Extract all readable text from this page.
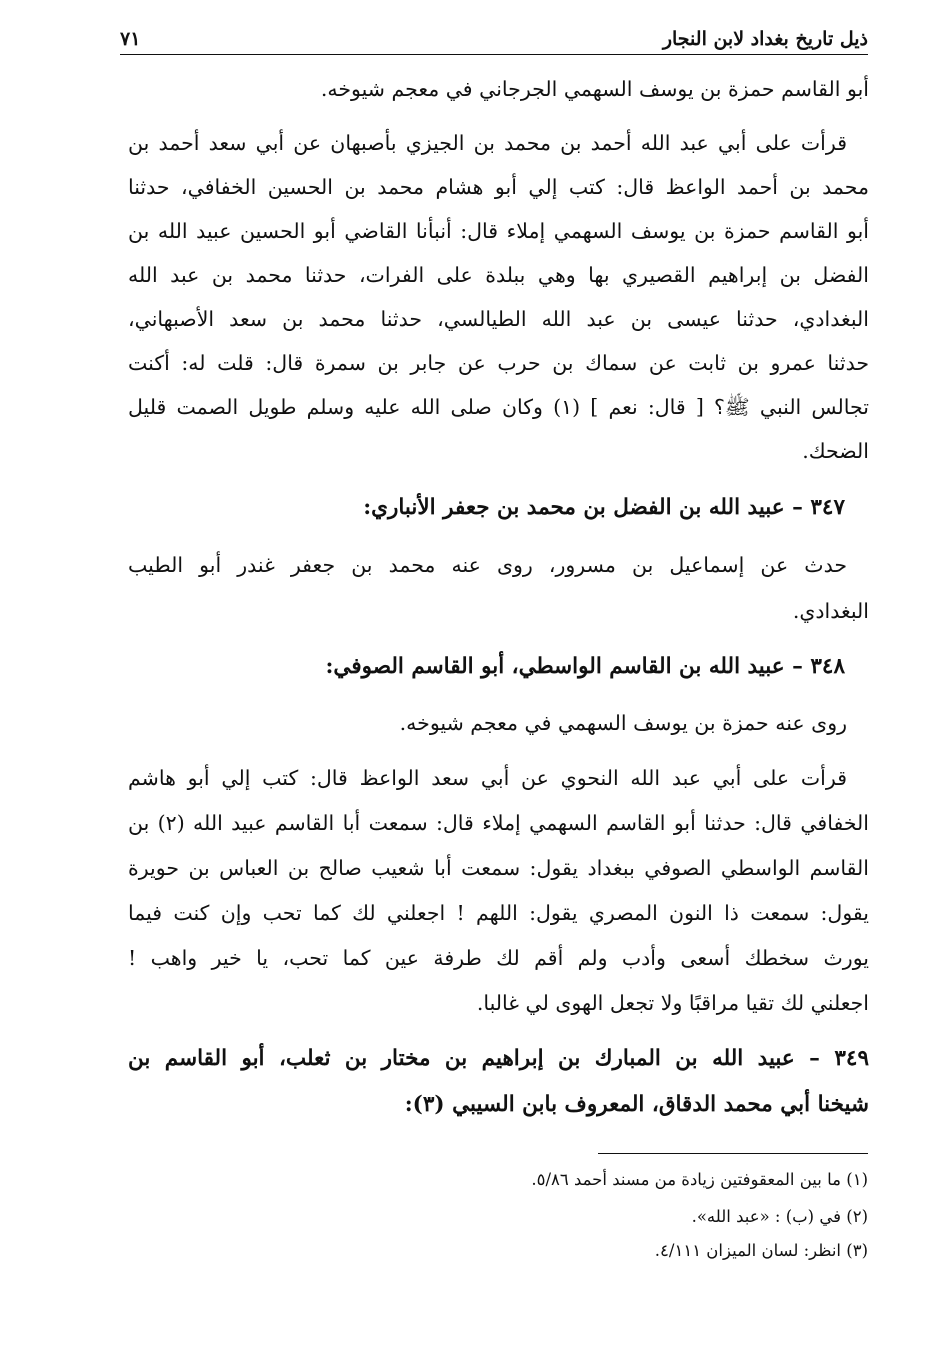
ذيل تاريخ بغداد لابن النجار
٧١
أبو القاسم حمزة بن يوسف السهمي الجرجاني في معجم شيوخه.
قرأت على أبي عبد الله أحمد بن محمد بن الجيزي بأصبهان عن أبي سعد أحمد بن
محمد بن أحمد الواعظ قال: كتب إلي أبو هشام محمد بن الحسين الخفافي، حدثنا
أبو القاسم حمزة بن يوسف السهمي إملاء قال: أنبأنا القاضي أبو الحسين عبيد الله بن
الفضل بن إبراهيم القصيري بها وهي ببلدة على الفرات، حدثنا محمد بن عبد الله
البغدادي، حدثنا عيسى بن عبد الله الطيالسي، حدثنا محمد بن سعد الأصبهاني،
حدثنا عمرو بن ثابت عن سماك بن حرب عن جابر بن سمرة قال: قلت له: أكنت
تجالس النبي ﷺ؟ [ قال: نعم ] (١) وكان صلى الله عليه وسلم طويل الصمت قليل
الضحك.
٣٤٧ – عبيد الله بن الفضل بن محمد بن جعفر الأنباري:
حدث عن إسماعيل بن مسرور، روى عنه محمد بن جعفر غندر أبو الطيب
البغدادي.
٣٤٨ – عبيد الله بن القاسم الواسطي، أبو القاسم الصوفي:
روى عنه حمزة بن يوسف السهمي في معجم شيوخه.
قرأت على أبي عبد الله النحوي عن أبي سعد الواعظ قال: كتب إلي أبو هاشم
الخفافي قال: حدثنا أبو القاسم السهمي إملاء قال: سمعت أبا القاسم عبيد الله (٢) بن
القاسم الواسطي الصوفي ببغداد يقول: سمعت أبا شعيب صالح بن العباس بن حويرة
يقول: سمعت ذا النون المصري يقول: اللهم ! اجعلني لك كما تحب وإن كنت فيما
يورث سخطك أسعى وأدب ولم أقم لك طرفة عين كما تحب، يا خير واهب !
اجعلني لك تقيا مراقبًا ولا تجعل الهوى لي غالبا.
٣٤٩ – عبيد الله بن المبارك بن إبراهيم بن مختار بن ثعلب، أبو القاسم بن
شيخنا أبي محمد الدقاق، المعروف بابن السيبي (٣):
(١) ما بين المعقوفتين زيادة من مسند أحمد ٥/٨٦.
(٢) في (ب) : «عبد الله».
(٣) انظر: لسان الميزان ٤/١١١.
